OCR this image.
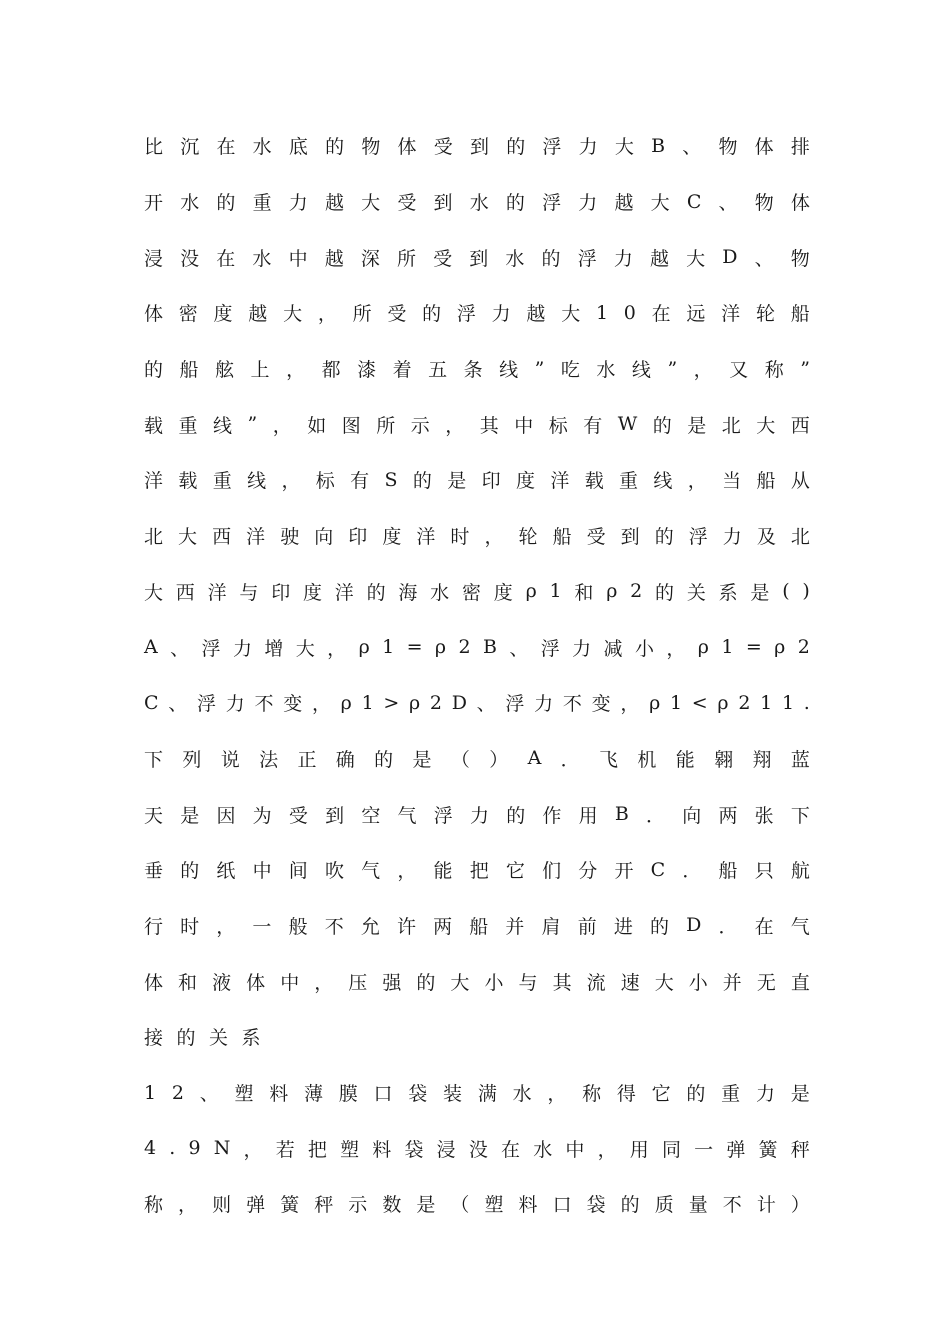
比 沉 在 水 底 的 物 体 受 到 的 浮 力 大 B 、 物 体 排
开 水 的 重 力 越 大 受 到 水 的 浮 力 越 大 C 、 物 体
浸 没 在 水 中 越 深 所 受 到 水 的 浮 力 越 大 D 、 物
体 密 度 越 大 ， 所 受 的 浮 力 越 大 1 0 在 远 洋 轮 船
的 船 舷 上 ， 都 漆 着 五 条 线 ” 吃 水 线 ” ， 又 称 ”
载 重 线 ” ， 如 图 所 示 ， 其 中 标 有 W 的 是 北 大 西
洋 载 重 线 ， 标 有 S 的 是 印 度 洋 载 重 线 ， 当 船 从
北 大 西 洋 驶 向 印 度 洋 时 ， 轮 船 受 到 的 浮 力 及 北
大 西 洋 与 印 度 洋 的 海 水 密 度 ρ 1 和 ρ 2 的 关 系 是 ( )
A 、 浮 力 增 大 ， ρ 1 = ρ 2 B 、 浮 力 减 小 ， ρ 1 = ρ 2
C 、 浮 力 不 变 ， ρ 1 > ρ 2 D 、 浮 力 不 变 ， ρ 1 < ρ 2 1 1 .
下 列 说 法 正 确 的 是 （ ） A ． 飞 机 能 翱 翔 蓝
天 是 因 为 受 到 空 气 浮 力 的 作 用 B ． 向 两 张 下
垂 的 纸 中 间 吹 气 ， 能 把 它 们 分 开 C ． 船 只 航
行 时 ， 一 般 不 允 许 两 船 并 肩 前 进 的 D ． 在 气
体 和 液 体 中 ， 压 强 的 大 小 与 其 流 速 大 小 并 无 直
接 的 关 系
1 2 、 塑 料 薄 膜 口 袋 装 满 水 ， 称 得 它 的 重 力 是
4 . 9 N ， 若 把 塑 料 袋 浸 没 在 水 中 ， 用 同 一 弹 簧 秤
称 ， 则 弹 簧 秤 示 数 是 （ 塑 料 口 袋 的 质 量 不 计 ）
